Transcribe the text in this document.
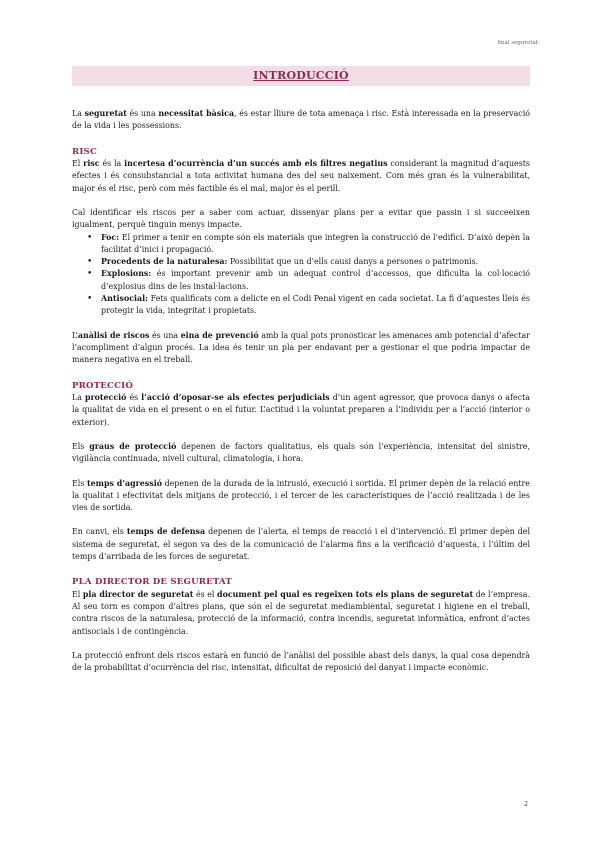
final seguretat
INTRODUCCIÓ

La seguretat és una necessitat bàsica, és estar lliure de tota amenaça i risc. Està interessada en la preservació de la vida i les possessions.

RISC

El risc és la incertesa d’ocurrència d’un succés amb els filtres negatius considerant la magnitud d’aquests efectes i és consubstancial a tota activitat humana des del seu naixement. Com més gran és la vulnerabilitat, major és el risc, però com més factible és el mal, major és el perill.

Cal identificar els riscos per a saber com actuar, dissenyar plans per a evitar que passin i si succeeixen igualment, perquè tinguin menys impacte.

• Foc: El primer a tenir en compte són els materials que integren la construcció de l’edifici. D’això depèn la facilitat d’inici i propagació.
• Procedents de la naturalesa: Possibilitat que un d’ells causi danys a persones o patrimonis.
• Explosions: és important prevenir amb un adequat control d’accessos, que dificulta la col·locació d’explosius dins de les instal·lacions.
• Antisocial: Fets qualificats com a delicte en el Codi Penal vigent en cada societat. La fi d’aquestes lleis és protegir la vida, integritat i propietats.

L’anàlisi de riscos és una eina de prevenció amb la qual pots pronosticar les amenaces amb potencial d’afectar l’acompliment d’algun procés. La idea és tenir un pla per endavant per a gestionar el que podria impactar de manera negativa en el treball.

PROTECCIÓ

La protecció és l’acció d’oposar-se als efectes perjudicials d’un agent agressor, que provoca danys o afecta la qualitat de vida en el present o en el futur. L’actitud i la voluntat preparen a l’individu per a l’acció (interior o exterior).

Els graus de protecció depenen de factors qualitatius, els quals són l’experiència, intensitat del sinistre, vigilància continuada, nivell cultural, climatologia, i hora.

Els temps d’agressió depenen de la durada de la intrusió, execució i sortida. El primer depèn de la relació entre la qualitat i efectivitat dels mitjans de protecció, i el tercer de les característiques de l’acció realitzada i de les vies de sortida.

En canvi, els temps de defensa depenen de l’alerta, el temps de reacció i el d’intervenció. El primer depèn del sistema de seguretat, el segon va des de la comunicació de l’alarma fins a la verificació d’aquesta, i l’últim del temps d’arribada de les forces de seguretat.

PLA DIRECTOR DE SEGURETAT

El pla director de seguretat és el document pel qual es regeixen tots els plans de seguretat de l’empresa. Al seu torn es compon d’altres plans, que són el de seguretat mediambiental, seguretat i higiene en el treball, contra riscos de la naturalesa, protecció de la informació, contra incendis, seguretat informàtica, enfront d’actes antisocials i de contingència.

La protecció enfront dels riscos estarà en funció de l’anàlisi del possible abast dels danys, la qual cosa dependrà de la probabilitat d’ocurrència del risc, intensitat, dificultat de reposició del danyat i impacte econòmic.

2
